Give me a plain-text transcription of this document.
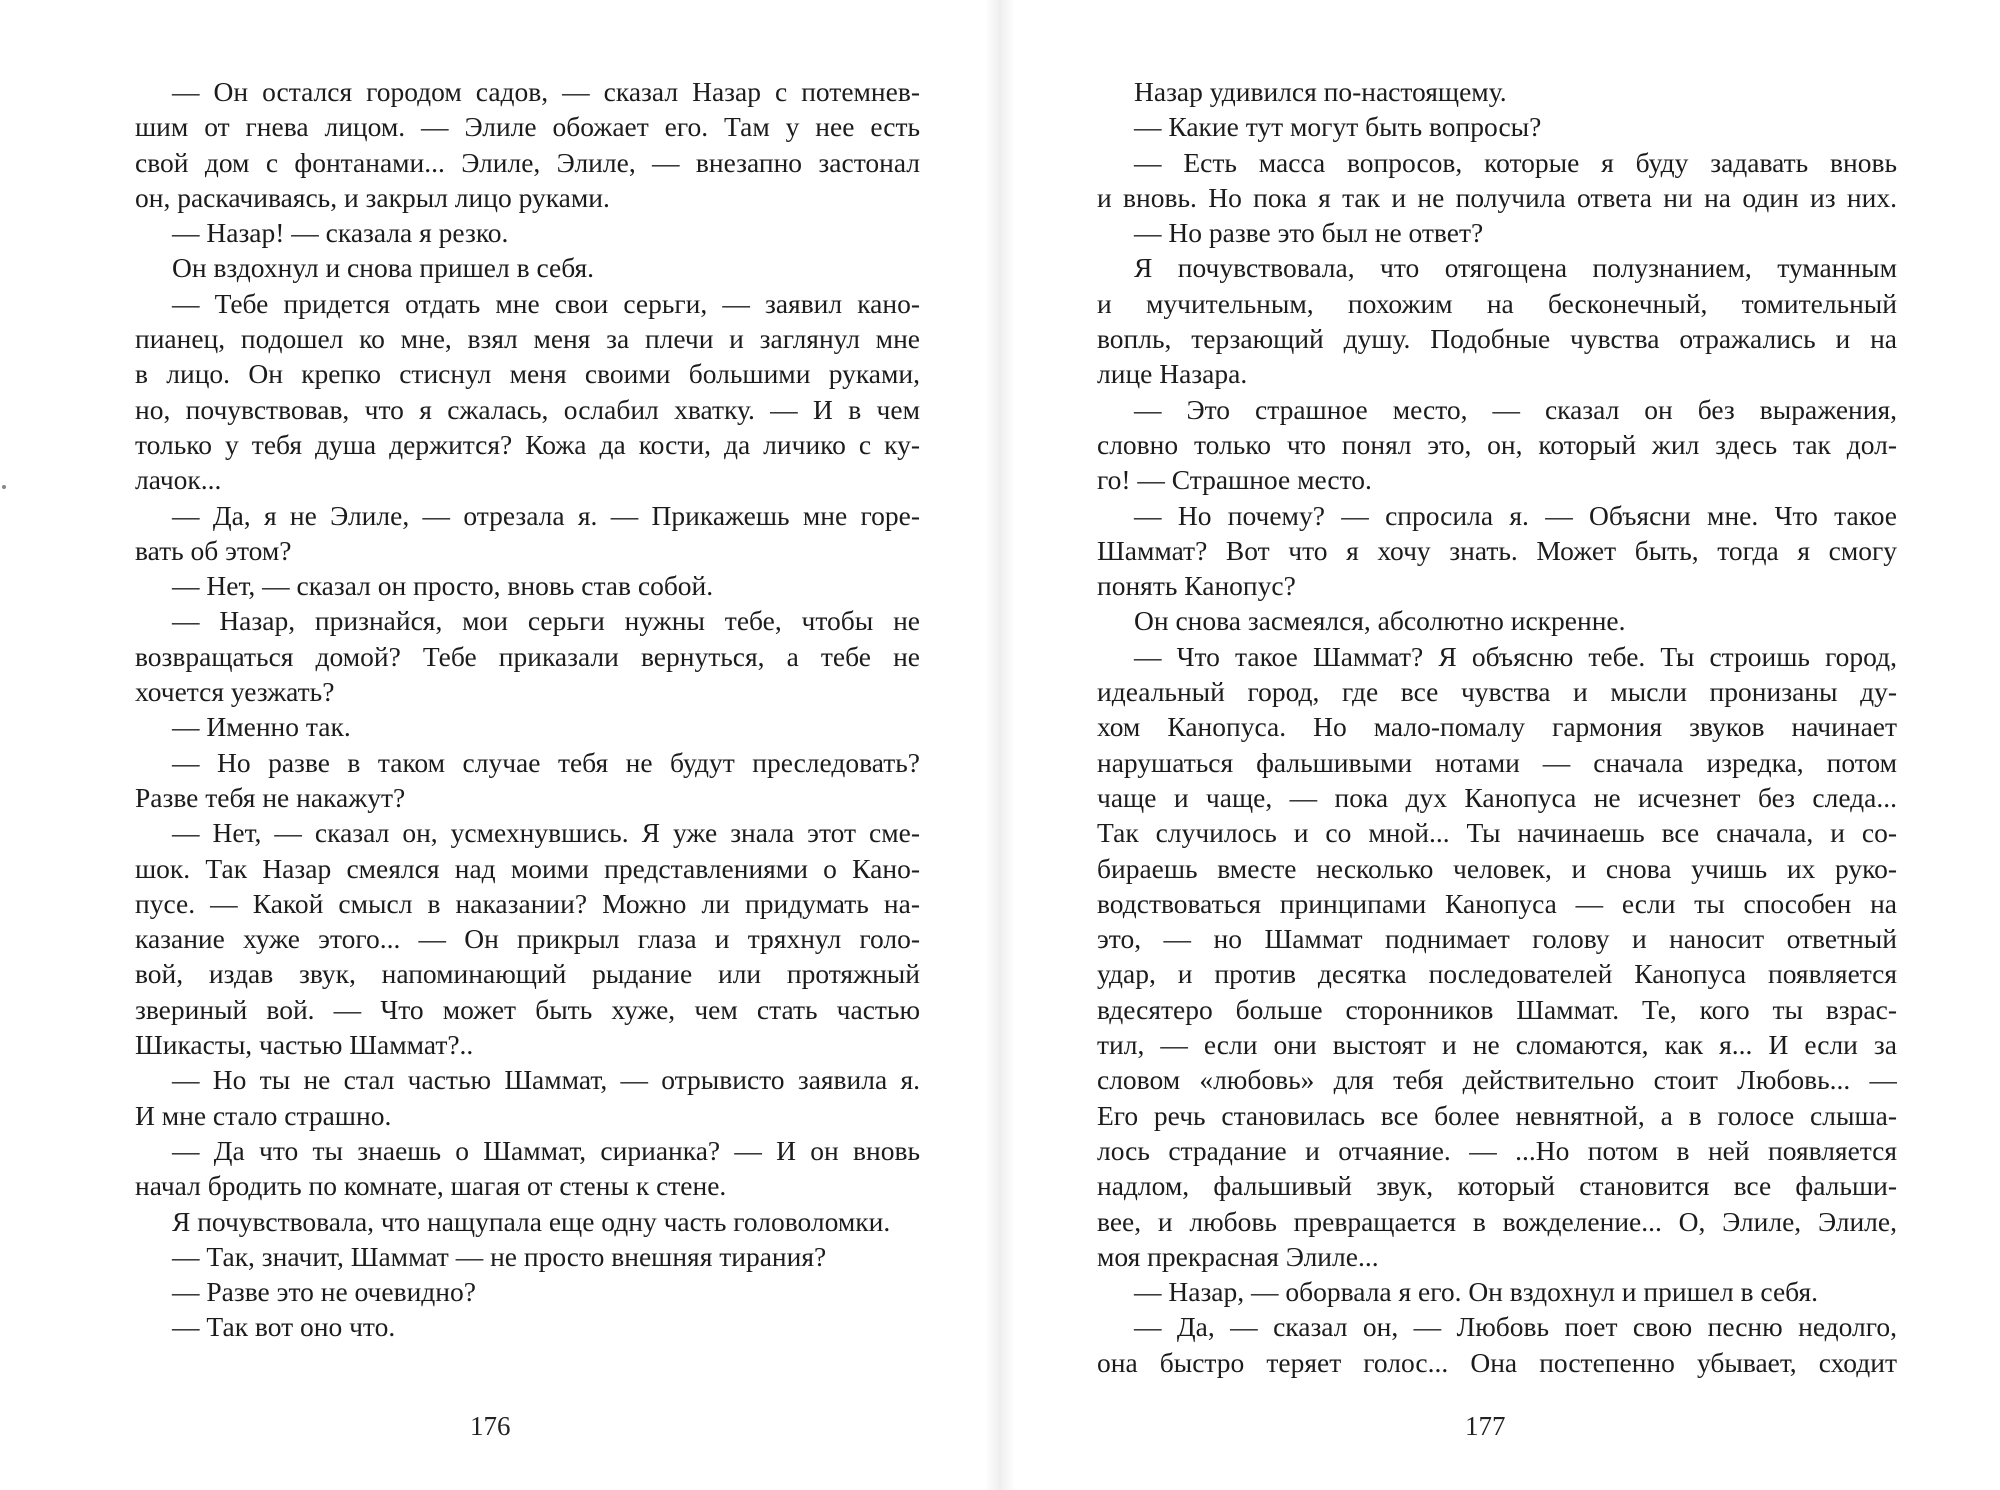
— Он остался городом садов, — сказал Назар с потемнев-
шим от гнева лицом. — Элиле обожает его. Там у нее есть
свой дом с фонтанами... Элиле, Элиле, — внезапно застонал
он, раскачиваясь, и закрыл лицо руками.
— Назар! — сказала я резко.
Он вздохнул и снова пришел в себя.
— Тебе придется отдать мне свои серьги, — заявил кано-
пианец, подошел ко мне, взял меня за плечи и заглянул мне
в лицо. Он крепко стиснул меня своими большими руками,
но, почувствовав, что я сжалась, ослабил хватку. — И в чем
только у тебя душа держится? Кожа да кости, да личико с ку-
лачок...
— Да, я не Элиле, — отрезала я. — Прикажешь мне горе-
вать об этом?
— Нет, — сказал он просто, вновь став собой.
— Назар, признайся, мои серьги нужны тебе, чтобы не
возвращаться домой? Тебе приказали вернуться, а тебе не
хочется уезжать?
— Именно так.
— Но разве в таком случае тебя не будут преследовать?
Разве тебя не накажут?
— Нет, — сказал он, усмехнувшись. Я уже знала этот сме-
шок. Так Назар смеялся над моими представлениями о Кано-
пусе. — Какой смысл в наказании? Можно ли придумать на-
казание хуже этого... — Он прикрыл глаза и тряхнул голо-
вой, издав звук, напоминающий рыдание или протяжный
звериный вой. — Что может быть хуже, чем стать частью
Шикасты, частью Шаммат?..
— Но ты не стал частью Шаммат, — отрывисто заявила я.
И мне стало страшно.
— Да что ты знаешь о Шаммат, сирианка? — И он вновь
начал бродить по комнате, шагая от стены к стене.
Я почувствовала, что нащупала еще одну часть головоломки.
— Так, значит, Шаммат — не просто внешняя тирания?
— Разве это не очевидно?
— Так вот оно что.
176
Назар удивился по-настоящему.
— Какие тут могут быть вопросы?
— Есть масса вопросов, которые я буду задавать вновь
и вновь. Но пока я так и не получила ответа ни на один из них.
— Но разве это был не ответ?
Я почувствовала, что отягощена полузнанием, туманным
и мучительным, похожим на бесконечный, томительный
вопль, терзающий душу. Подобные чувства отражались и на
лице Назара.
— Это страшное место, — сказал он без выражения,
словно только что понял это, он, который жил здесь так дол-
го! — Страшное место.
— Но почему? — спросила я. — Объясни мне. Что такое
Шаммат? Вот что я хочу знать. Может быть, тогда я смогу
понять Канопус?
Он снова засмеялся, абсолютно искренне.
— Что такое Шаммат? Я объясню тебе. Ты строишь город,
идеальный город, где все чувства и мысли пронизаны ду-
хом Канопуса. Но мало-помалу гармония звуков начинает
нарушаться фальшивыми нотами — сначала изредка, потом
чаще и чаще, — пока дух Канопуса не исчезнет без следа...
Так случилось и со мной... Ты начинаешь все сначала, и со-
бираешь вместе несколько человек, и снова учишь их руко-
водствоваться принципами Канопуса — если ты способен на
это, — но Шаммат поднимает голову и наносит ответный
удар, и против десятка последователей Канопуса появляется
вдесятеро больше сторонников Шаммат. Те, кого ты взрас-
тил, — если они выстоят и не сломаются, как я... И если за
словом «любовь» для тебя действительно стоит Любовь... —
Его речь становилась все более невнятной, а в голосе слыша-
лось страдание и отчаяние. — ...Но потом в ней появляется
надлом, фальшивый звук, который становится все фальши-
вее, и любовь превращается в вожделение... О, Элиле, Элиле,
моя прекрасная Элиле...
— Назар, — оборвала я его. Он вздохнул и пришел в себя.
— Да, — сказал он, — Любовь поет свою песню недолго,
она быстро теряет голос... Она постепенно убывает, сходит
177
